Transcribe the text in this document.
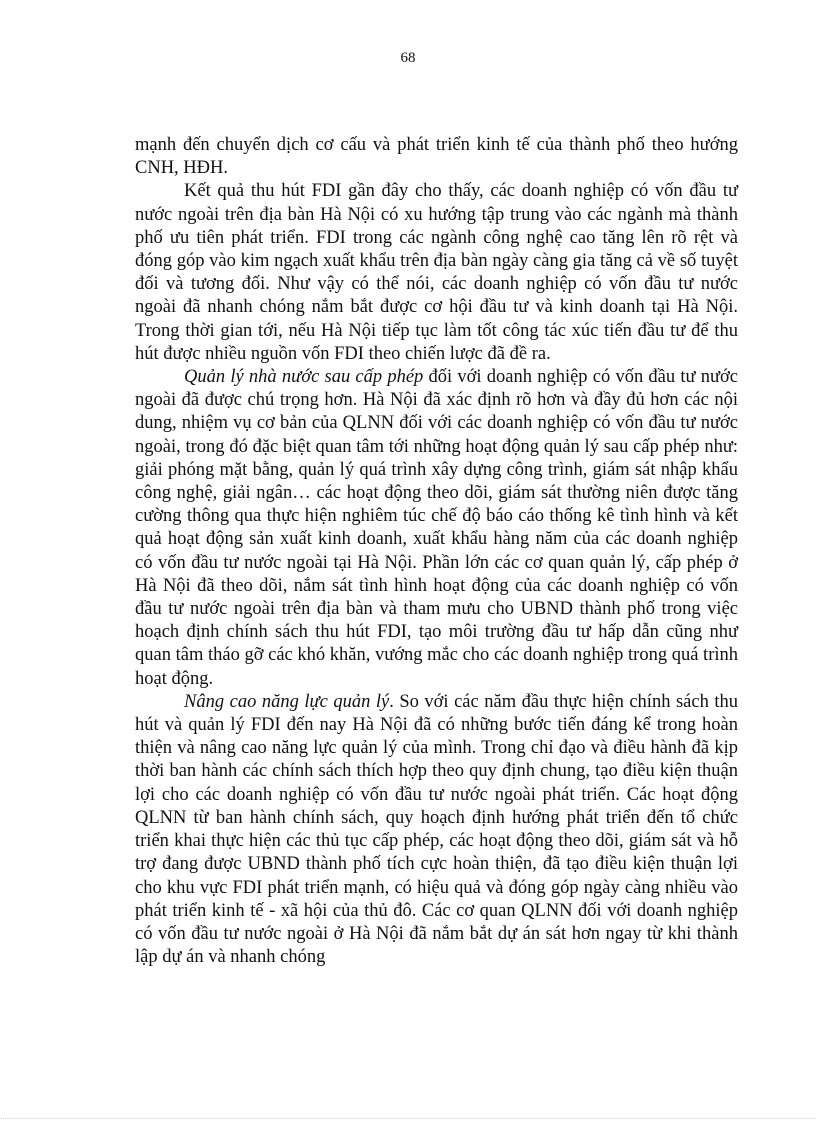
68

mạnh đến chuyển dịch cơ cấu và phát triển kinh tế của thành phố theo hướng CNH, HĐH.

Kết quả thu hút FDI gần đây cho thấy, các doanh nghiệp có vốn đầu tư nước ngoài trên địa bàn Hà Nội có xu hướng tập trung vào các ngành mà thành phố ưu tiên phát triển. FDI trong các ngành công nghệ cao tăng lên rõ rệt và đóng góp vào kim ngạch xuất khẩu trên địa bàn ngày càng gia tăng cả về số tuyệt đối và tương đối. Như vậy có thể nói, các doanh nghiệp có vốn đầu tư nước ngoài đã nhanh chóng nắm bắt được cơ hội đầu tư và kinh doanh tại Hà Nội. Trong thời gian tới, nếu Hà Nội tiếp tục làm tốt công tác xúc tiến đầu tư để thu hút được nhiều nguồn vốn FDI theo chiến lược đã đề ra.

Quản lý nhà nước sau cấp phép đối với doanh nghiệp có vốn đầu tư nước ngoài đã được chú trọng hơn. Hà Nội đã xác định rõ hơn và đầy đủ hơn các nội dung, nhiệm vụ cơ bản của QLNN đối với các doanh nghiệp có vốn đầu tư nước ngoài, trong đó đặc biệt quan tâm tới những hoạt động quản lý sau cấp phép như: giải phóng mặt bằng, quản lý quá trình xây dựng công trình, giám sát nhập khẩu công nghệ, giải ngân… các hoạt động theo dõi, giám sát thường niên được tăng cường thông qua thực hiện nghiêm túc chế độ báo cáo thống kê tình hình và kết quả hoạt động sản xuất kinh doanh, xuất khẩu hàng năm của các doanh nghiệp có vốn đầu tư nước ngoài tại Hà Nội. Phần lớn các cơ quan quản lý, cấp phép ở Hà Nội đã theo dõi, nắm sát tình hình hoạt động của các doanh nghiệp có vốn đầu tư nước ngoài trên địa bàn và tham mưu cho UBND thành phố trong việc hoạch định chính sách thu hút FDI, tạo môi trường đầu tư hấp dẫn cũng như quan tâm tháo gỡ các khó khăn, vướng mắc cho các doanh nghiệp trong quá trình hoạt động.

Nâng cao năng lực quản lý. So với các năm đầu thực hiện chính sách thu hút và quản lý FDI đến nay Hà Nội đã có những bước tiến đáng kể trong hoàn thiện và nâng cao năng lực quản lý của mình. Trong chỉ đạo và điều hành đã kịp thời ban hành các chính sách thích hợp theo quy định chung, tạo điều kiện thuận lợi cho các doanh nghiệp có vốn đầu tư nước ngoài phát triển. Các hoạt động QLNN từ ban hành chính sách, quy hoạch định hướng phát triển đến tổ chức triển khai thực hiện các thủ tục cấp phép, các hoạt động theo dõi, giám sát và hỗ trợ đang được UBND thành phố tích cực hoàn thiện, đã tạo điều kiện thuận lợi cho khu vực FDI phát triển mạnh, có hiệu quả và đóng góp ngày càng nhiều vào phát triển kinh tế - xã hội của thủ đô. Các cơ quan QLNN đối với doanh nghiệp có vốn đầu tư nước ngoài ở Hà Nội đã nắm bắt dự án sát hơn ngay từ khi thành lập dự án và nhanh chóng
